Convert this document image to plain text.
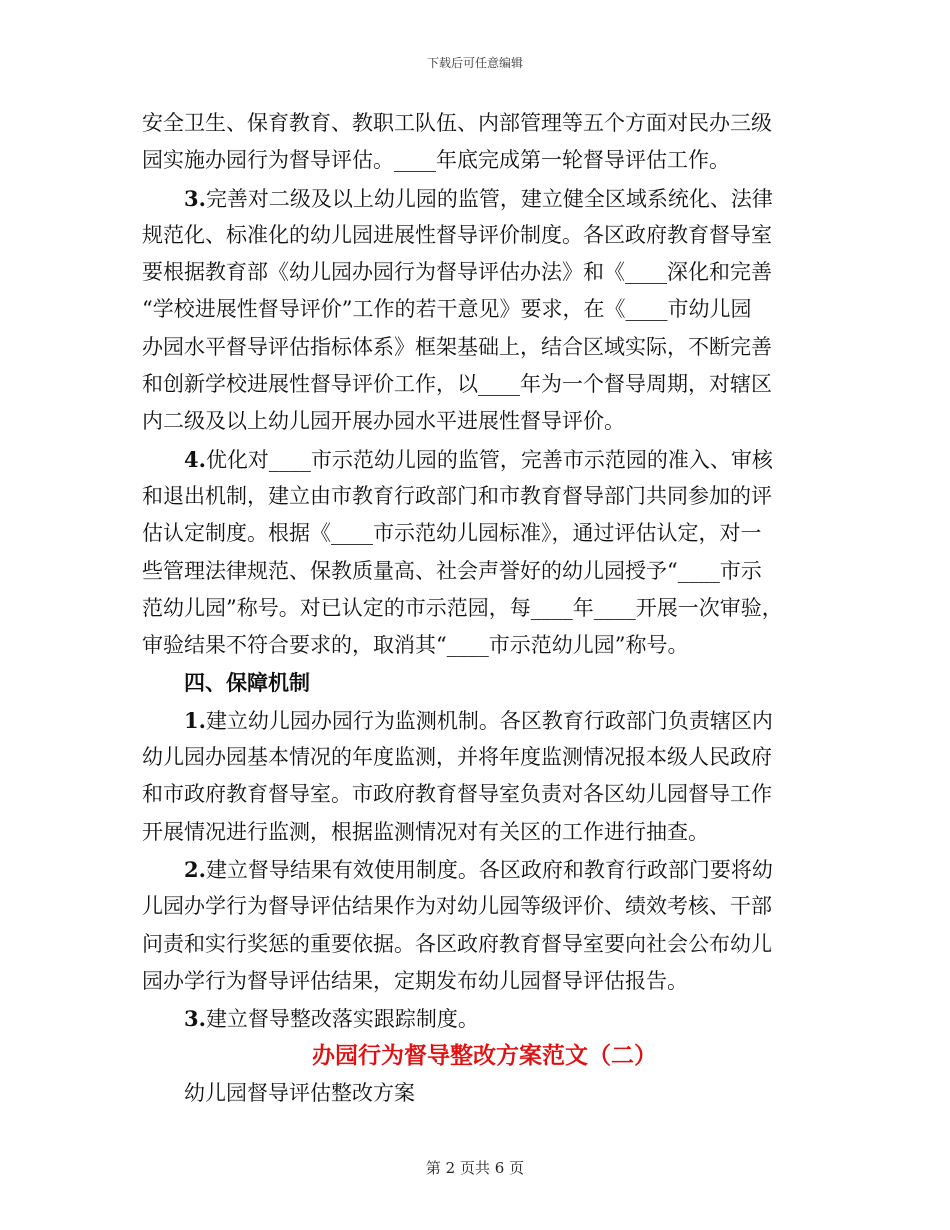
下载后可任意编辑
安全卫生、保育教育、教职工队伍、内部管理等五个方面对民办三级
园实施办园行为督导评估。____年底完成第一轮督导评估工作。
3.完善对二级及以上幼儿园的监管，建立健全区域系统化、法律
规范化、标准化的幼儿园进展性督导评价制度。各区政府教育督导室
要根据教育部《幼儿园办园行为督导评估办法》和《____深化和完善
“学校进展性督导评价”工作的若干意见》要求，在《____市幼儿园
办园水平督导评估指标体系》框架基础上，结合区域实际，不断完善
和创新学校进展性督导评价工作，以____年为一个督导周期，对辖区
内二级及以上幼儿园开展办园水平进展性督导评价。
4.优化对____市示范幼儿园的监管，完善市示范园的准入、审核
和退出机制，建立由市教育行政部门和市教育督导部门共同参加的评
估认定制度。根据《____市示范幼儿园标准》，通过评估认定，对一
些管理法律规范、保教质量高、社会声誉好的幼儿园授予“____市示
范幼儿园”称号。对已认定的市示范园，每____年____开展一次审验，
审验结果不符合要求的，取消其“____市示范幼儿园”称号。
四、保障机制
1.建立幼儿园办园行为监测机制。各区教育行政部门负责辖区内
幼儿园办园基本情况的年度监测，并将年度监测情况报本级人民政府
和市政府教育督导室。市政府教育督导室负责对各区幼儿园督导工作
开展情况进行监测，根据监测情况对有关区的工作进行抽查。
2.建立督导结果有效使用制度。各区政府和教育行政部门要将幼
儿园办学行为督导评估结果作为对幼儿园等级评价、绩效考核、干部
问责和实行奖惩的重要依据。各区政府教育督导室要向社会公布幼儿
园办学行为督导评估结果，定期发布幼儿园督导评估报告。
3.建立督导整改落实跟踪制度。
办园行为督导整改方案范文（二）
幼儿园督导评估整改方案
第 2 页共 6 页
